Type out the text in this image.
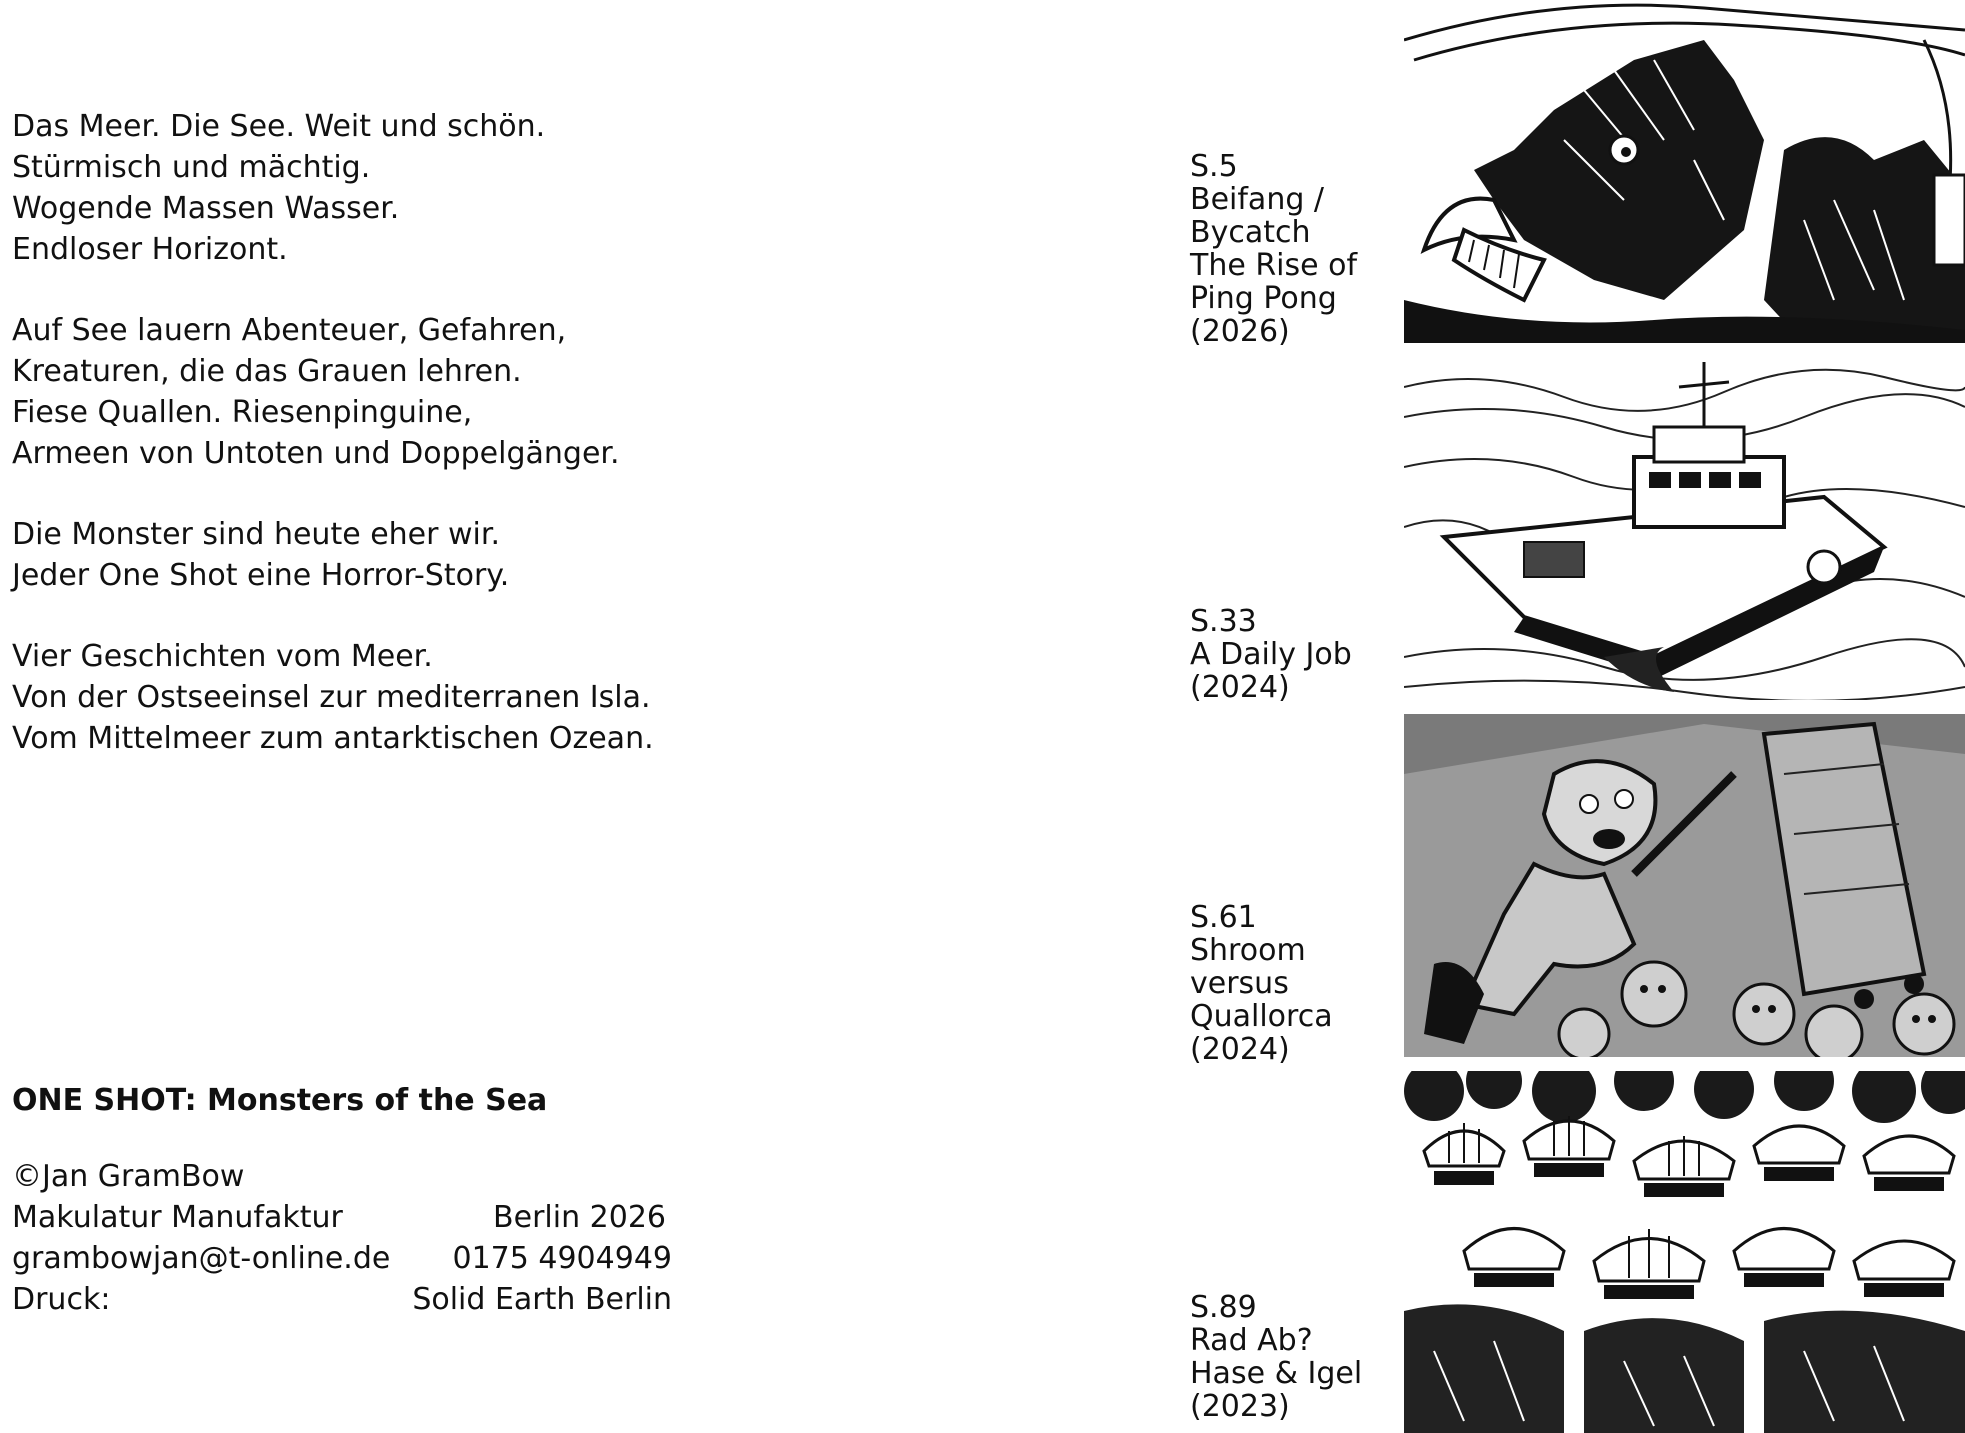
Das Meer. Die See. Weit und schön.
Stürmisch und mächtig.
Wogende Massen Wasser.
Endloser Horizont.
Auf See lauern Abenteuer, Gefahren,
Kreaturen, die das Grauen lehren.
Fiese Quallen. Riesenpinguine,
Armeen von Untoten und Doppelgänger.
Die Monster sind heute eher wir.
Jeder One Shot eine Horror-Story.
Vier Geschichten vom Meer.
Von der Ostseeinsel zur mediterranen Isla.
Vom Mittelmeer zum antarktischen Ozean.
ONE SHOT: Monsters of the Sea
©Jan GramBow
Makulatur Manufaktur	Berlin 2026
grambowjan@t-online.de 0175 4904949
Druck:	Solid Earth Berlin
S.5
Beifang /
Bycatch
The Rise of
Ping Pong
(2026)
S.33
A Daily Job
(2024)
S.61
Shroom
versus
Quallorca
(2024)
S.89
Rad Ab?
Hase & Igel
(2023)
